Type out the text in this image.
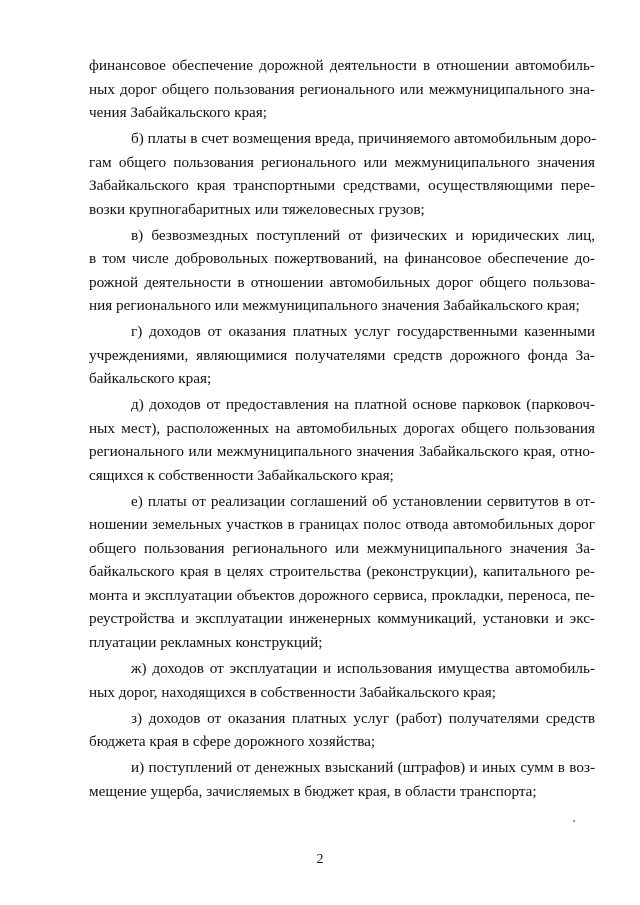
финансовое обеспечение дорожной деятельности в отношении автомобиль-
ных дорог общего пользования регионального или межмуниципального зна-
чения Забайкальского края;
б) платы в счет возмещения вреда, причиняемого автомобильным доро-
гам общего пользования регионального или межмуниципального значения
Забайкальского края транспортными средствами, осуществляющими пере-
возки крупногабаритных или тяжеловесных грузов;
в) безвозмездных поступлений от физических и юридических лиц,
в том числе добровольных пожертвований, на финансовое обеспечение до-
рожной деятельности в отношении автомобильных дорог общего пользова-
ния регионального или межмуниципального значения Забайкальского края;
г) доходов от оказания платных услуг государственными казенными
учреждениями, являющимися получателями средств дорожного фонда За-
байкальского края;
д) доходов от предоставления на платной основе парковок (парковоч-
ных мест), расположенных на автомобильных дорогах общего пользования
регионального или межмуниципального значения Забайкальского края, отно-
сящихся к собственности Забайкальского края;
е) платы от реализации соглашений об установлении сервитутов в от-
ношении земельных участков в границах полос отвода автомобильных дорог
общего пользования регионального или межмуниципального значения За-
байкальского края в целях строительства (реконструкции), капитального ре-
монта и эксплуатации объектов дорожного сервиса, прокладки, переноса, пе-
реустройства и эксплуатации инженерных коммуникаций, установки и экс-
плуатации рекламных конструкций;
ж) доходов от эксплуатации и использования имущества автомобиль-
ных дорог, находящихся в собственности Забайкальского края;
з) доходов от оказания платных услуг (работ) получателями средств
бюджета края в сфере дорожного хозяйства;
и) поступлений от денежных взысканий (штрафов) и иных сумм в воз-
мещение ущерба, зачисляемых в бюджет края, в области транспорта;
2
